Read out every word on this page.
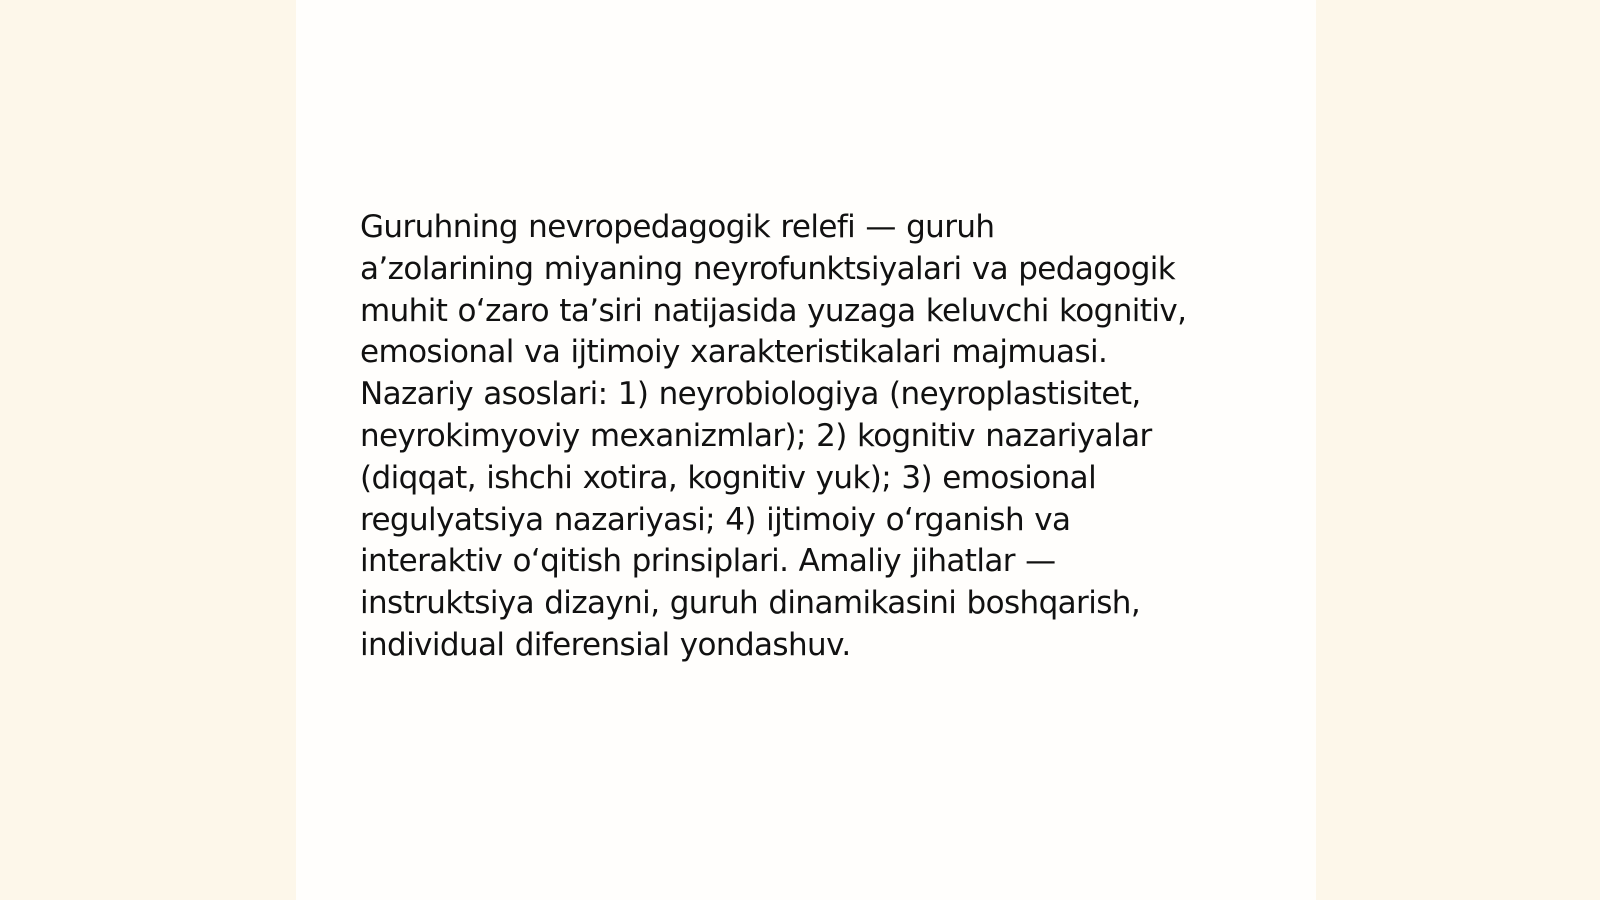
Guruhning nevropedagogik relefi — guruh
a’zolarining miyaning neyrofunktsiyalari va pedagogik
muhit o‘zaro ta’siri natijasida yuzaga keluvchi kognitiv,
emosional va ijtimoiy xarakteristikalari majmuasi.
Nazariy asoslari: 1) neyrobiologiya (neyroplastisitet,
neyrokimyoviy mexanizmlar); 2) kognitiv nazariyalar
(diqqat, ishchi xotira, kognitiv yuk); 3) emosional
regulyatsiya nazariyasi; 4) ijtimoiy o‘rganish va
interaktiv o‘qitish prinsiplari. Amaliy jihatlar —
instruktsiya dizayni, guruh dinamikasini boshqarish,
individual diferensial yondashuv.
